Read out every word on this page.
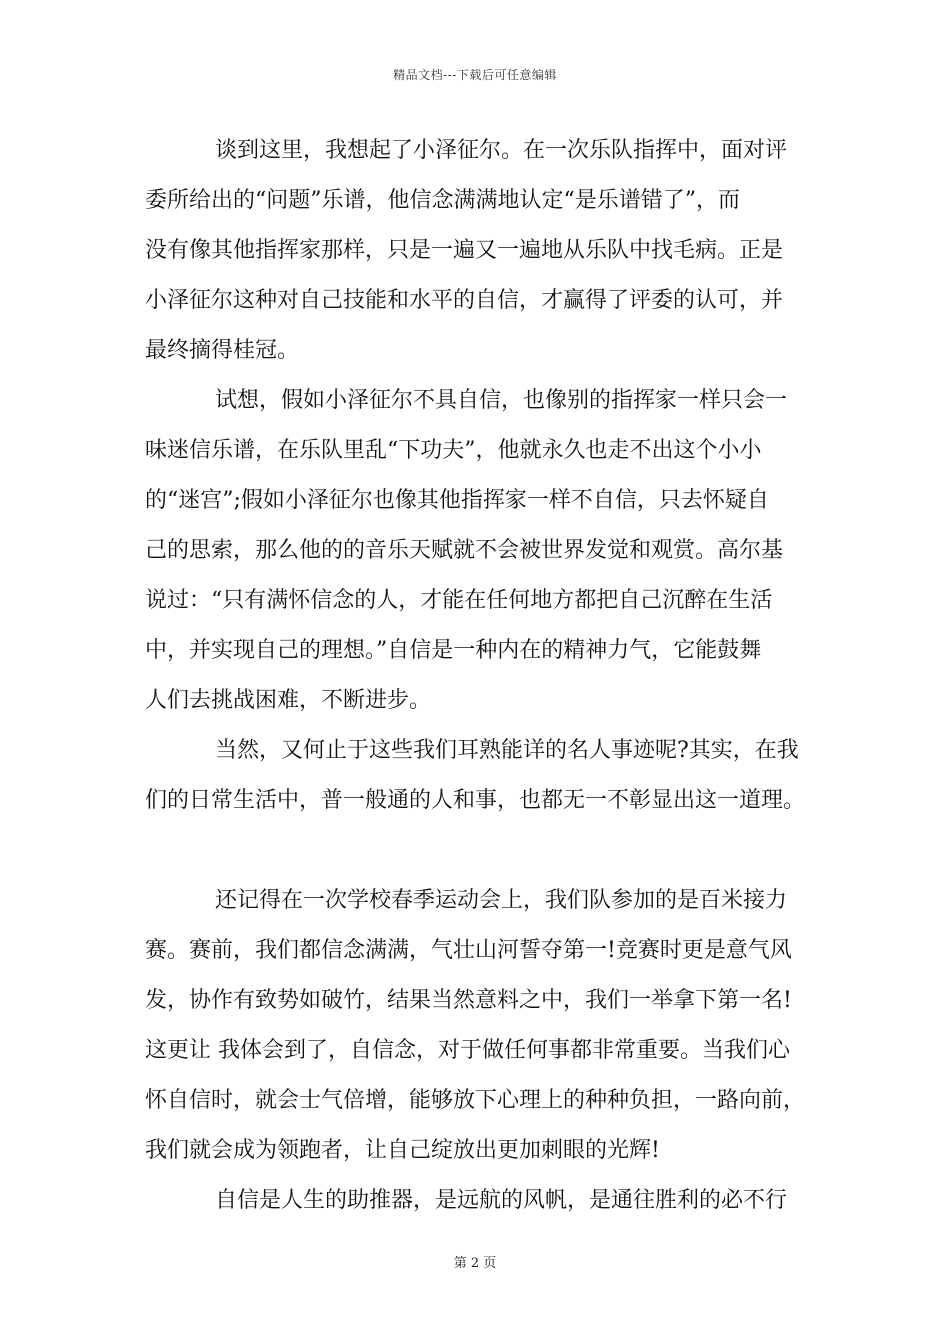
精品文档---下载后可任意编辑
谈到这里，我想起了小泽征尔。在一次乐队指挥中，面对评
委所给出的“问题”乐谱，他信念满满地认定“是乐谱错了”，而
没有像其他指挥家那样，只是一遍又一遍地从乐队中找毛病。正是
小泽征尔这种对自己技能和水平的自信，才赢得了评委的认可，并
最终摘得桂冠。
试想，假如小泽征尔不具自信，也像别的指挥家一样只会一
味迷信乐谱，在乐队里乱“下功夫”，他就永久也走不出这个小小
的“迷宫”;假如小泽征尔也像其他指挥家一样不自信，只去怀疑自
己的思索，那么他的的音乐天赋就不会被世界发觉和观赏。高尔基
说过：“只有满怀信念的人，才能在任何地方都把自己沉醉在生活
中，并实现自己的理想。”自信是一种内在的精神力气，它能鼓舞
人们去挑战困难，不断进步。
当然，又何止于这些我们耳熟能详的名人事迹呢?其实，在我
们的日常生活中，普一般通的人和事，也都无一不彰显出这一道理。
还记得在一次学校春季运动会上，我们队参加的是百米接力
赛。赛前，我们都信念满满，气壮山河誓夺第一!竞赛时更是意气风
发，协作有致势如破竹，结果当然意料之中，我们一举拿下第一名!
这更让 我体会到了，自信念，对于做任何事都非常重要。当我们心
怀自信时，就会士气倍增，能够放下心理上的种种负担，一路向前，
我们就会成为领跑者，让自己绽放出更加刺眼的光辉!
自信是人生的助推器，是远航的风帆，是通往胜利的必不行
第 2 页
